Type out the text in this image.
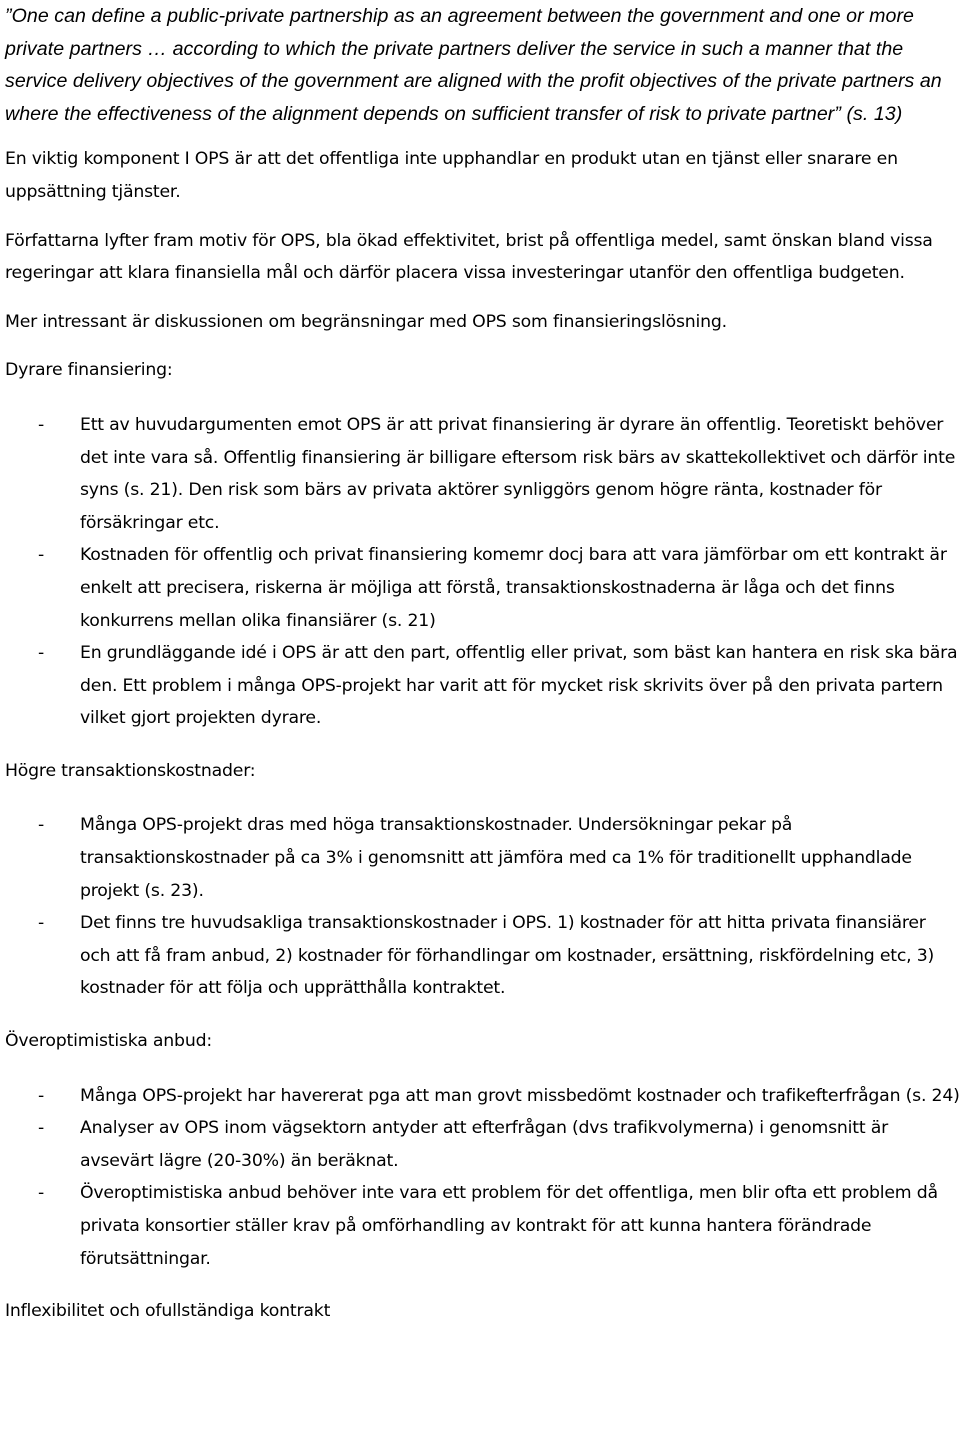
”One can define a public-private partnership as an agreement between the government and one or more private partners … according to which the private partners deliver the service in such a manner that the service delivery objectives of the government are aligned with the profit objectives of the private partners an where the effectiveness of the alignment depends on sufficient transfer of risk to private partner” (s. 13)

En viktig komponent I OPS är att det offentliga inte upphandlar en produkt utan en tjänst eller snarare en uppsättning tjänster.

Författarna lyfter fram motiv för OPS, bla ökad effektivitet, brist på offentliga medel, samt önskan bland vissa regeringar att klara finansiella mål och därför placera vissa investeringar utanför den offentliga budgeten.

Mer intressant är diskussionen om begränsningar med OPS som finansieringslösning.

Dyrare finansiering:

- Ett av huvudargumenten emot OPS är att privat finansiering är dyrare än offentlig. Teoretiskt behöver det inte vara så. Offentlig finansiering är billigare eftersom risk bärs av skattekollektivet och därför inte syns (s. 21). Den risk som bärs av privata aktörer synliggörs genom högre ränta, kostnader för försäkringar etc.
- Kostnaden för offentlig och privat finansiering komemr docj bara att vara jämförbar om ett kontrakt är enkelt att precisera, riskerna är möjliga att förstå, transaktionskostnaderna är låga och det finns konkurrens mellan olika finansiärer (s. 21)
- En grundläggande idé i OPS är att den part, offentlig eller privat, som bäst kan hantera en risk ska bära den. Ett problem i många OPS-projekt har varit att för mycket risk skrivits över på den privata partern vilket gjort projekten dyrare.

Högre transaktionskostnader:

- Många OPS-projekt dras med höga transaktionskostnader. Undersökningar pekar på transaktionskostnader på ca 3% i genomsnitt att jämföra med ca 1% för traditionellt upphandlade projekt (s. 23).
- Det finns tre huvudsakliga transaktionskostnader i OPS. 1) kostnader för att hitta privata finansiärer och att få fram anbud, 2) kostnader för förhandlingar om kostnader, ersättning, riskfördelning etc, 3) kostnader för att följa och upprätthålla kontraktet.

Överoptimistiska anbud:

- Många OPS-projekt har havererat pga att man grovt missbedömt kostnader och trafikefterfrågan (s. 24)
- Analyser av OPS inom vägsektorn antyder att efterfrågan (dvs trafikvolymerna) i genomsnitt är avsevärt lägre (20-30%) än beräknat.
- Överoptimistiska anbud behöver inte vara ett problem för det offentliga, men blir ofta ett problem då privata konsortier ställer krav på omförhandling av kontrakt för att kunna hantera förändrade förutsättningar.

Inflexibilitet och ofullständiga kontrakt
